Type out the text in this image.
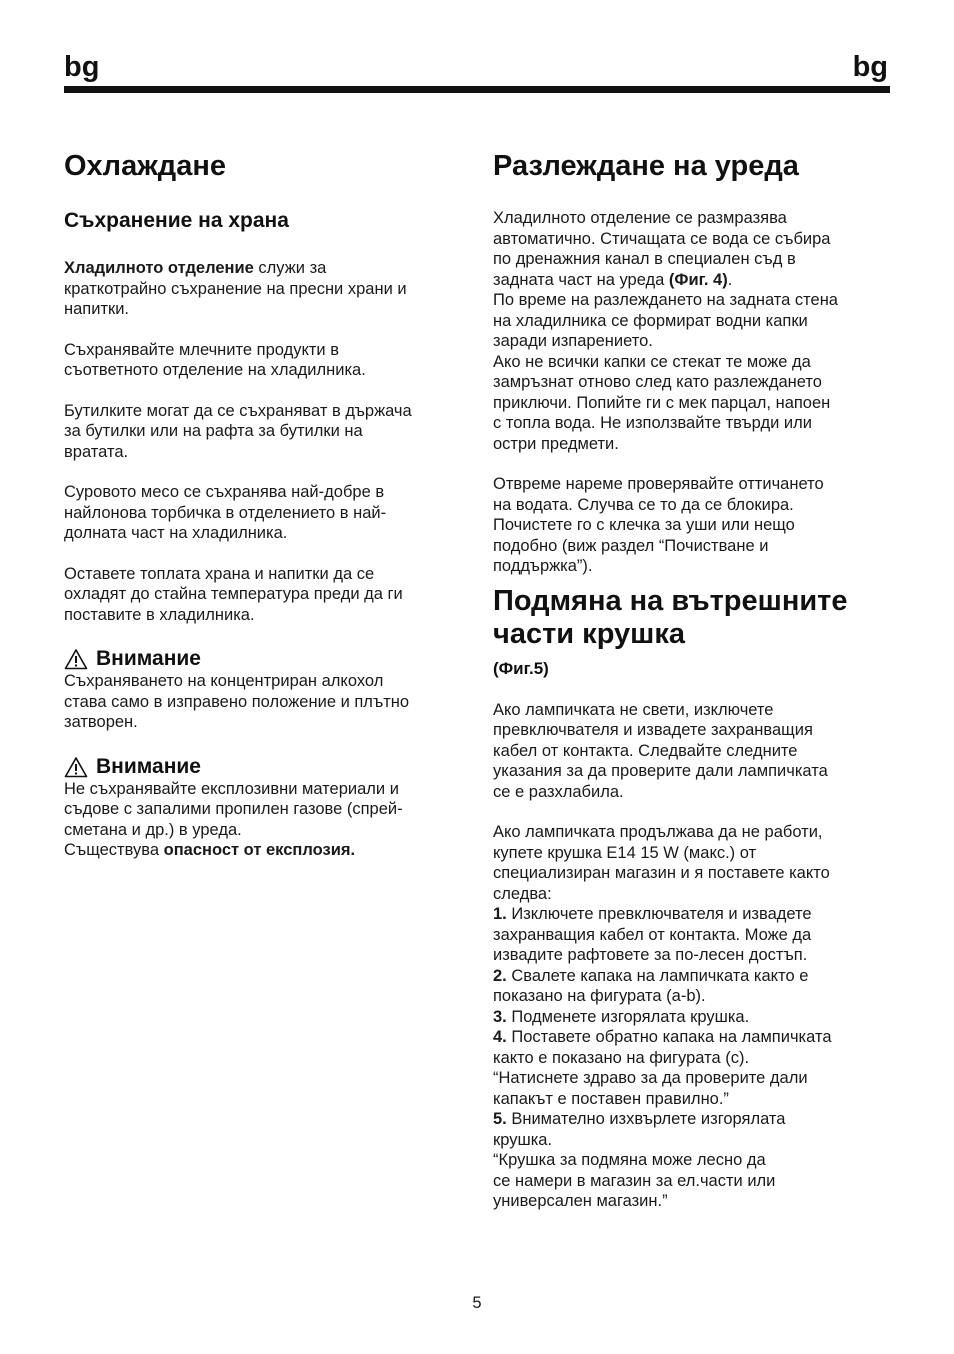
bg	bg
Охлаждане
Съхранение на храна

Хладилното отделение служи за
краткотрайно съхранение на пресни храни и
напитки.

Съхранявайте млечните продукти в
съответното отделение на хладилника.

Бутилките могат да се съхраняват в държача
за бутилки или на рафта за бутилки на
вратата.

Суровото месо се съхранява най-добре в
найлонова торбичка в отделението в най-
долната част на хладилника.

Оставете топлата храна и напитки да се
охладят до стайна температура преди да ги
поставите в хладилника.

Внимание

Съхраняването на концентриран алкохол
става само в изправено положение и плътно
затворен.

Внимание

Не съхранявайте експлозивни материали и
съдове с запалими пропилен газове (спрей-
сметана и др.) в уреда.

Съществува опасност от експлозия.

Разлеждане на уреда

Хладилното отделение се размразява
автоматично. Стичащата се вода се събира
по дренажния канал в специален съд в
задната част на уреда (Фиг. 4).
По време на разлеждането на задната стена
на хладилника се формират водни капки
заради изпарението.
Ако не всички капки се стекат те може да
замръзнат отново след като разлеждането
приключи. Попийте ги с мек парцал, напоен
с топла вода. Не използвайте твърди или
остри предмети.

Отвреме нареме проверявайте оттичането
на водата. Случва се то да се блокира.
Почистете го с клечка за уши или нещо
подобно (виж раздел “Почистване и
поддържка”).

Подмяна на вътрешните
части крушка
(Фиг.5)

Ако лампичката не свети, изключете
превключвателя и извадете захранващия
кабел от контакта. Следвайте следните
указания за да проверите дали лампичката
се е разхлабила.

Ако лампичката продължава да не работи,
купете крушка E14 15 W (макс.) от
специализиран магазин и я поставете както
следва:

1. Изключете превключвателя и извадете
захранващия кабел от контакта. Може да
извадите рафтовете за по-лесен достъп.

2. Свалете капака на лампичката както е
показано на фигурата (a-b).

3. Подменете изгорялата крушка.

4. Поставете обратно капака на лампичката
както е показано на фигурата (c).
“Натиснете здраво за да проверите дали
капакът е поставен правилно.”

5. Внимателно изхвърлете изгорялата
крушка.
“Крушка за подмяна може лесно да
се намери в магазин за ел.части или
универсален магазин.”

5
